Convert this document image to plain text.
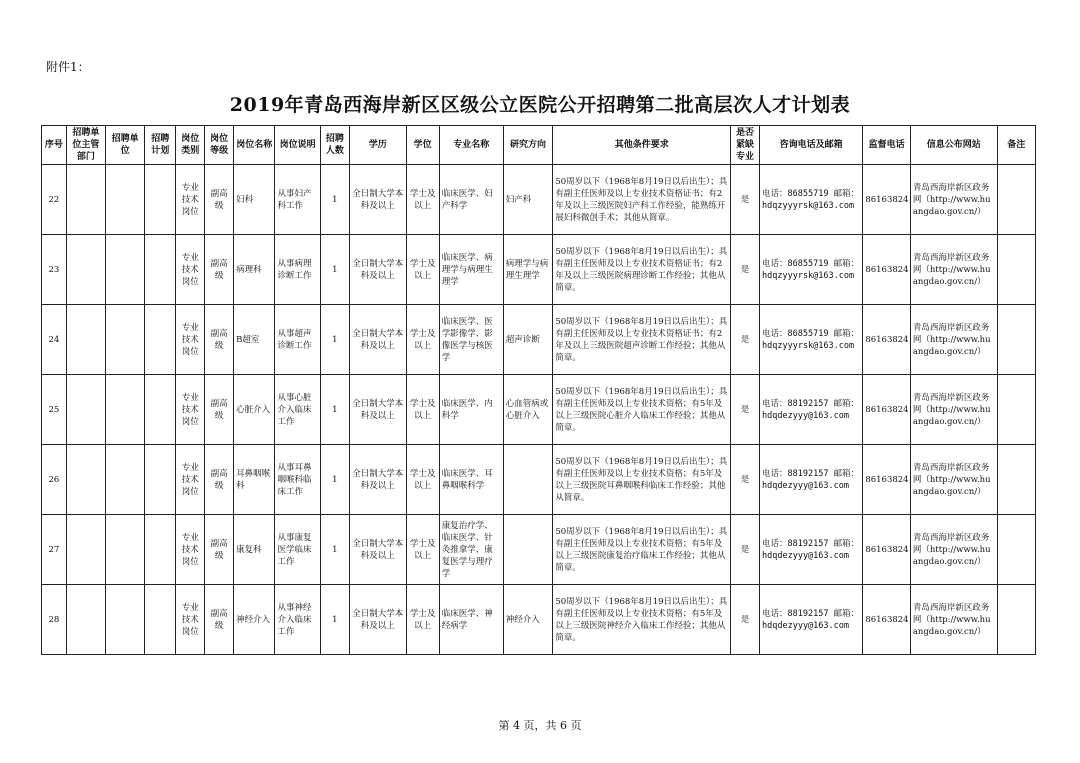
附件1：
2019年青岛西海岸新区区级公立医院公开招聘第二批高层次人才计划表
序号	招聘单位主管部门	招聘单位	招聘计划	岗位类别	岗位等级	岗位名称	岗位说明	招聘人数	学历	学位	专业名称	研究方向	其他条件要求	是否紧缺专业	咨询电话及邮箱	监督电话	信息公布网站	备注
22				专业技术岗位	副高级	妇科	从事妇产科工作	1	全日制大学本科及以上	学士及以上	临床医学、妇产科学	妇产科	50周岁以下（1968年8月19日以后出生）；具有副主任医师及以上专业技术资格证书；有2年及以上三级医院妇产科工作经验，能熟练开展妇科微创手术；其他从简章。	是	电话：86855719 邮箱：hdqzyyyrsk@163.com	86163824	青岛西海岸新区政务网（http://www.huangdao.gov.cn/）	
23				专业技术岗位	副高级	病理科	从事病理诊断工作	1	全日制大学本科及以上	学士及以上	临床医学、病理学与病理生理学	病理学与病理生理学	50周岁以下（1968年8月19日以后出生）；具有副主任医师及以上专业技术资格证书；有2年及以上三级医院病理诊断工作经验；其他从简章。	是	电话：86855719 邮箱：hdqzyyyrsk@163.com	86163824	青岛西海岸新区政务网（http://www.huangdao.gov.cn/）	
24				专业技术岗位	副高级	B超室	从事超声诊断工作	1	全日制大学本科及以上	学士及以上	临床医学、医学影像学、影像医学与核医学	超声诊断	50周岁以下（1968年8月19日以后出生）；具有副主任医师及以上专业技术资格证书；有2年及以上三级医院超声诊断工作经验；其他从简章。	是	电话：86855719 邮箱：hdqzyyyrsk@163.com	86163824	青岛西海岸新区政务网（http://www.huangdao.gov.cn/）	
25				专业技术岗位	副高级	心脏介入	从事心脏介入临床工作	1	全日制大学本科及以上	学士及以上	临床医学、内科学	心血管病或心脏介入	50周岁以下（1968年8月19日以后出生）；具有副主任医师及以上专业技术资格；有5年及以上三级医院心脏介入临床工作经验；其他从简章。	是	电话：88192157 邮箱：hdqdezyyy@163.com	86163824	青岛西海岸新区政务网（http://www.huangdao.gov.cn/）	
26				专业技术岗位	副高级	耳鼻咽喉科	从事耳鼻咽喉科临床工作	1	全日制大学本科及以上	学士及以上	临床医学、耳鼻咽喉科学		50周岁以下（1968年8月19日以后出生）；具有副主任医师及以上专业技术资格；有5年及以上三级医院耳鼻咽喉科临床工作经验；其他从简章。	是	电话：88192157 邮箱：hdqdezyyy@163.com	86163824	青岛西海岸新区政务网（http://www.huangdao.gov.cn/）	
27				专业技术岗位	副高级	康复科	从事康复医学临床工作	1	全日制大学本科及以上	学士及以上	康复治疗学、临床医学、针灸推拿学、康复医学与理疗学		50周岁以下（1968年8月19日以后出生）；具有副主任医师及以上专业技术资格；有5年及以上三级医院康复治疗临床工作经验；其他从简章。	是	电话：88192157 邮箱：hdqdezyyy@163.com	86163824	青岛西海岸新区政务网（http://www.huangdao.gov.cn/）	
28				专业技术岗位	副高级	神经介入	从事神经介入临床工作	1	全日制大学本科及以上	学士及以上	临床医学、神经病学	神经介入	50周岁以下（1968年8月19日以后出生）；具有副主任医师及以上专业技术资格；有5年及以上三级医院神经介入临床工作经验；其他从简章。	是	电话：88192157 邮箱：hdqdezyyy@163.com	86163824	青岛西海岸新区政务网（http://www.huangdao.gov.cn/）	
第 4 页，共 6 页
